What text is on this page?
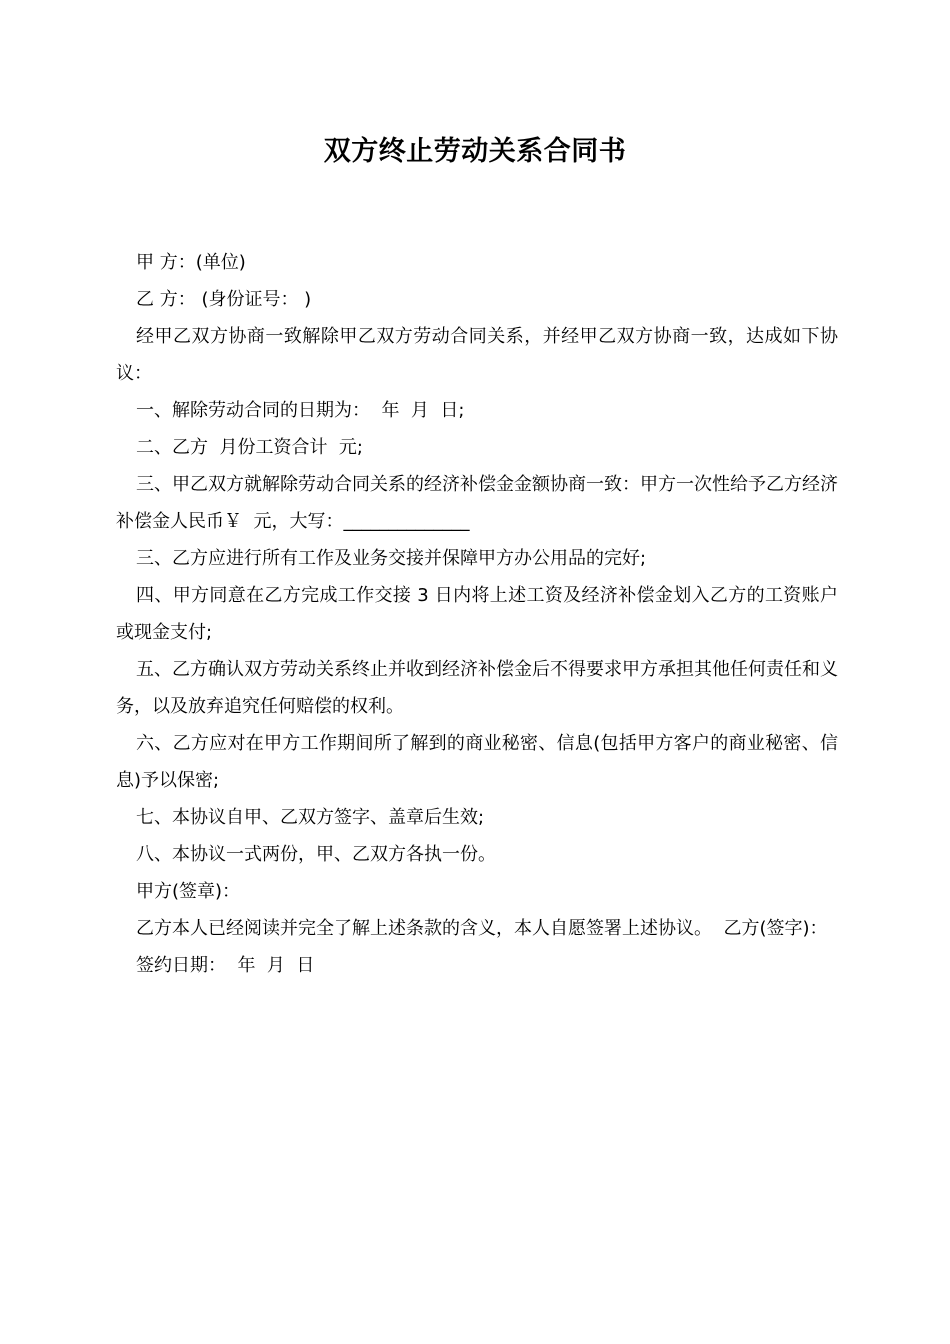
双方终止劳动关系合同书

甲 方：(单位)

乙 方： (身份证号： )

经甲乙双方协商一致解除甲乙双方劳动合同关系，并经甲乙双方协商一致，达成如下协议：

一、解除劳动合同的日期为：  年  月  日;

二、乙方  月份工资合计  元;

三、甲乙双方就解除劳动合同关系的经济补偿金金额协商一致：甲方一次性给予乙方经济补偿金人民币￥  元，大写：______________

三、乙方应进行所有工作及业务交接并保障甲方办公用品的完好;

四、甲方同意在乙方完成工作交接 3 日内将上述工资及经济补偿金划入乙方的工资账户或现金支付;

五、乙方确认双方劳动关系终止并收到经济补偿金后不得要求甲方承担其他任何责任和义务，以及放弃追究任何赔偿的权利。

六、乙方应对在甲方工作期间所了解到的商业秘密、信息(包括甲方客户的商业秘密、信息)予以保密;

七、本协议自甲、乙双方签字、盖章后生效;

八、本协议一式两份，甲、乙双方各执一份。

甲方(签章)：

乙方本人已经阅读并完全了解上述条款的含义，本人自愿签署上述协议。  乙方(签字)：

签约日期：  年  月  日
